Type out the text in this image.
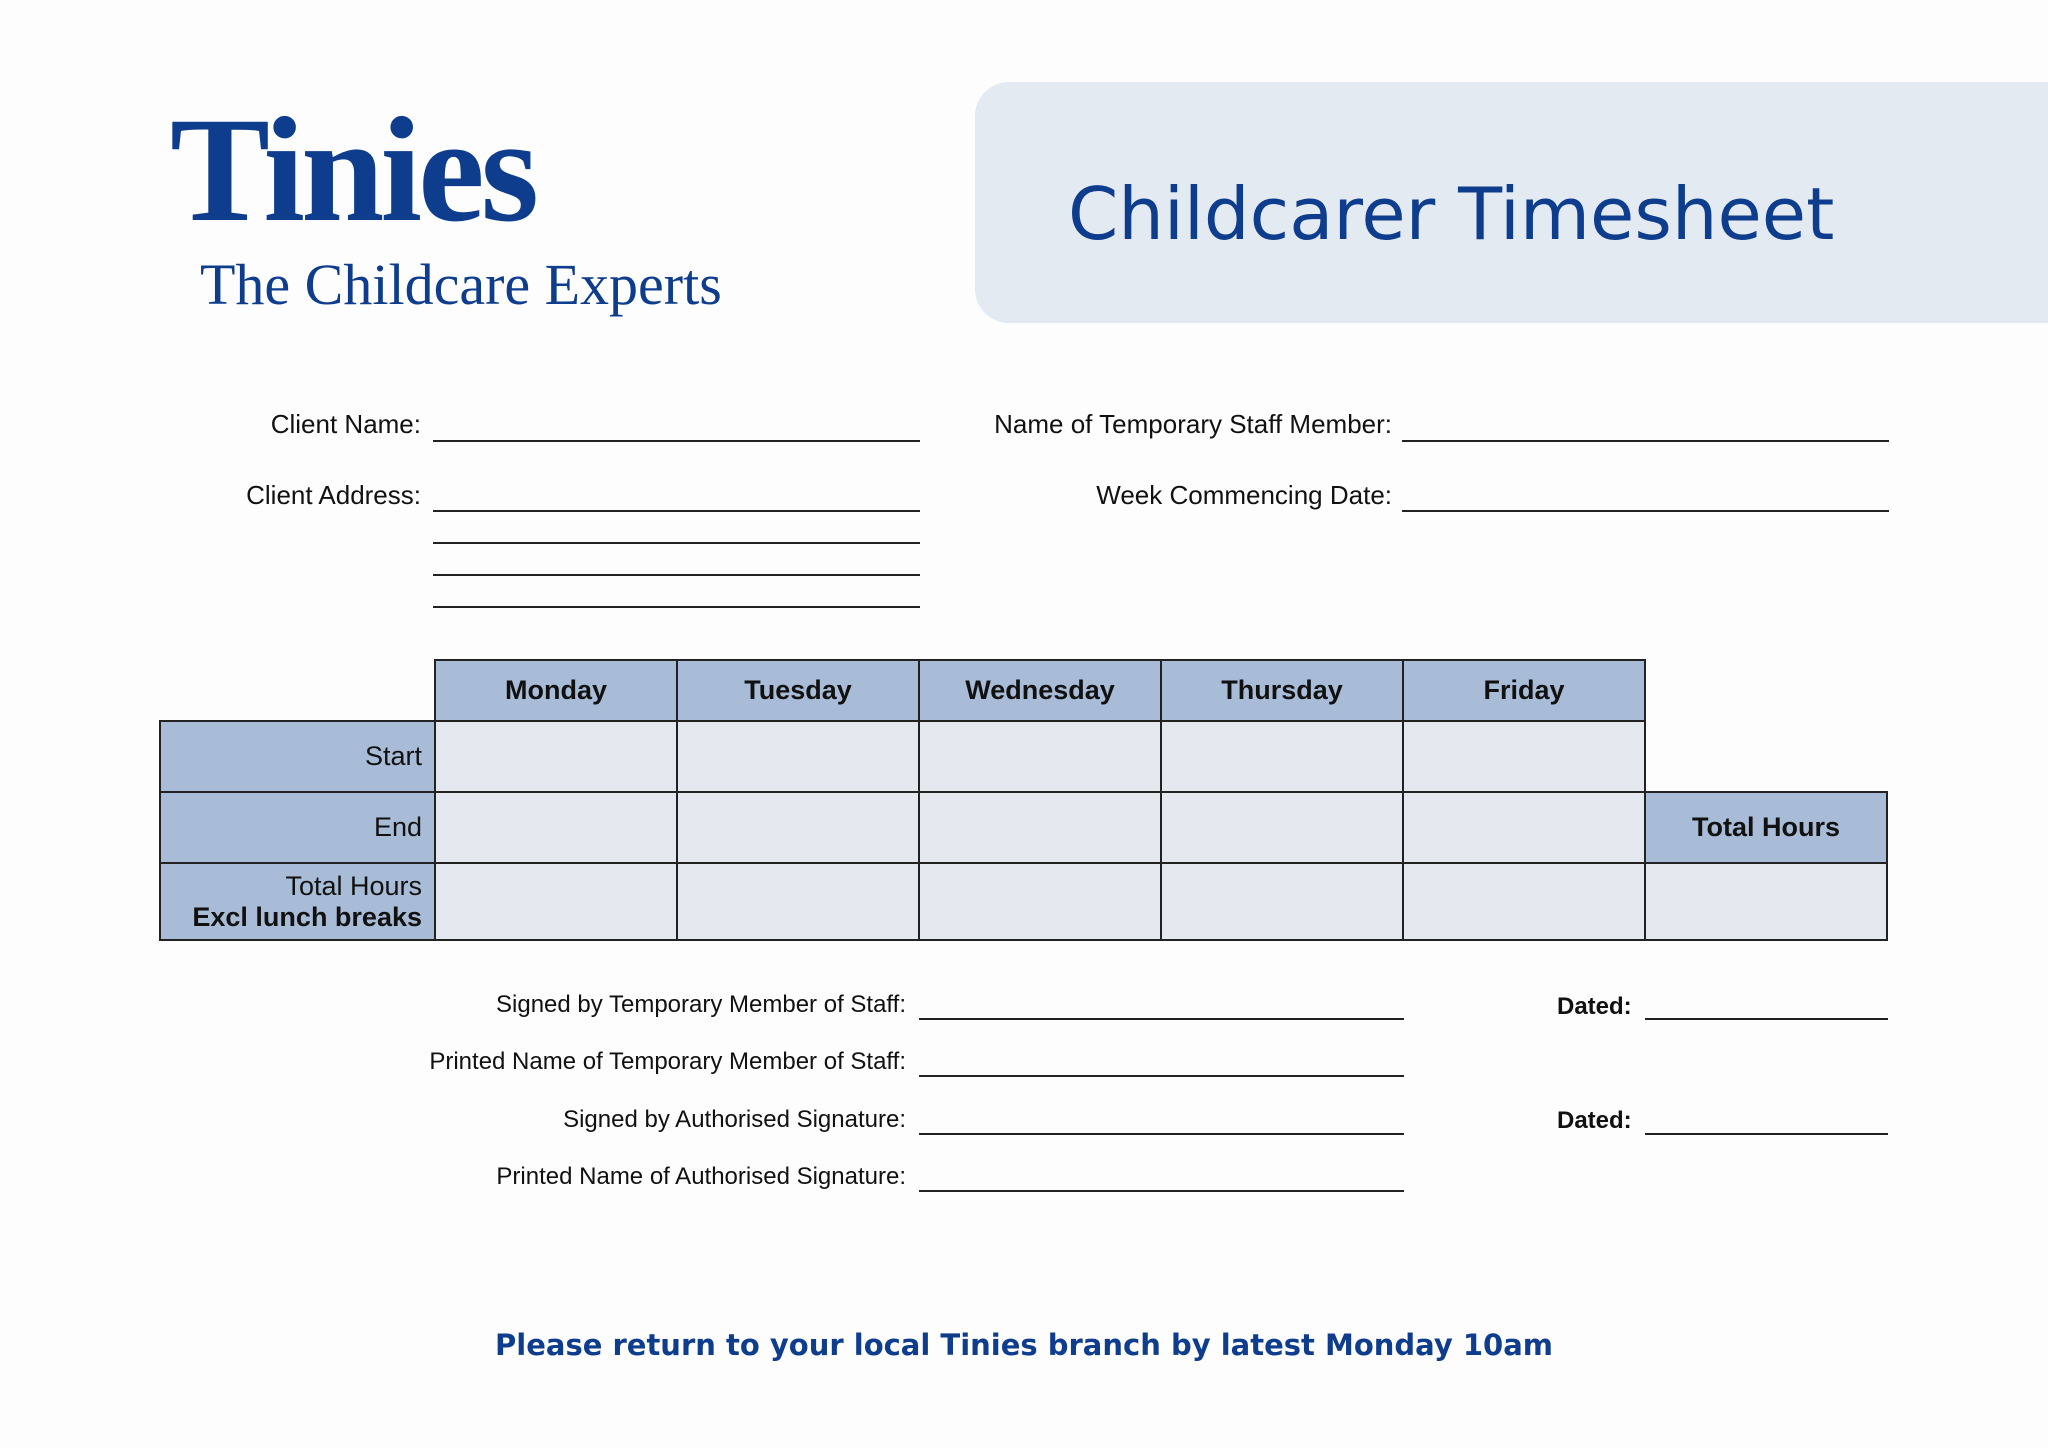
Tinies
The Childcare Experts
Childcarer Timesheet
Client Name:
Client Address:
Name of Temporary Staff Member:
Week Commencing Date:
	Monday	Tuesday	Wednesday	Thursday	Friday	
Start						
End						Total Hours
Total Hours
Excl lunch breaks						

Signed by Temporary Member of Staff:	Dated:
Printed Name of Temporary Member of Staff:
Signed by Authorised Signature:	Dated:
Printed Name of Authorised Signature:
Please return to your local Tinies branch by latest Monday 10am
